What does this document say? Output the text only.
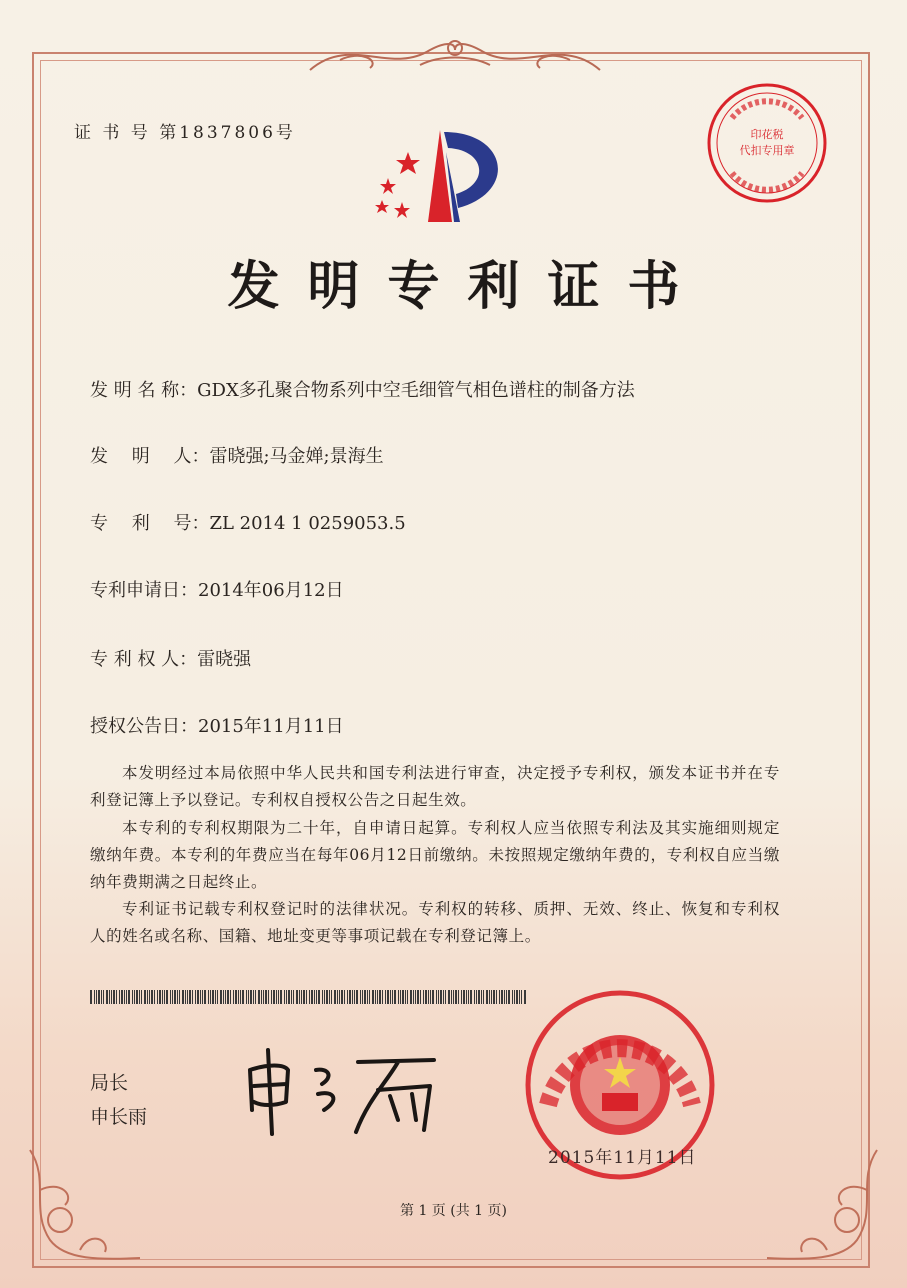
证 书 号 第1837806号	印花税
代扣专用章
发明专利证书
发 明 名 称：GDX多孔聚合物系列中空毛细管气相色谱柱的制备方法
发　 明　 人：雷晓强;马金婵;景海生
专　 利　 号：ZL 2014 1 0259053.5
专利申请日：2014年06月12日
专 利 权 人：雷晓强
授权公告日：2015年11月11日
本发明经过本局依照中华人民共和国专利法进行审查，决定授予专利权，颁发本证书并在专利登记簿上予以登记。专利权自授权公告之日起生效。
本专利的专利权期限为二十年，自申请日起算。专利权人应当依照专利法及其实施细则规定缴纳年费。本专利的年费应当在每年06月12日前缴纳。未按照规定缴纳年费的，专利权自应当缴纳年费期满之日起终止。
专利证书记载专利权登记时的法律状况。专利权的转移、质押、无效、终止、恢复和专利权人的姓名或名称、国籍、地址变更等事项记载在专利登记簿上。
局长
申长雨
2015年11月11日
第 1 页 (共 1 页)
